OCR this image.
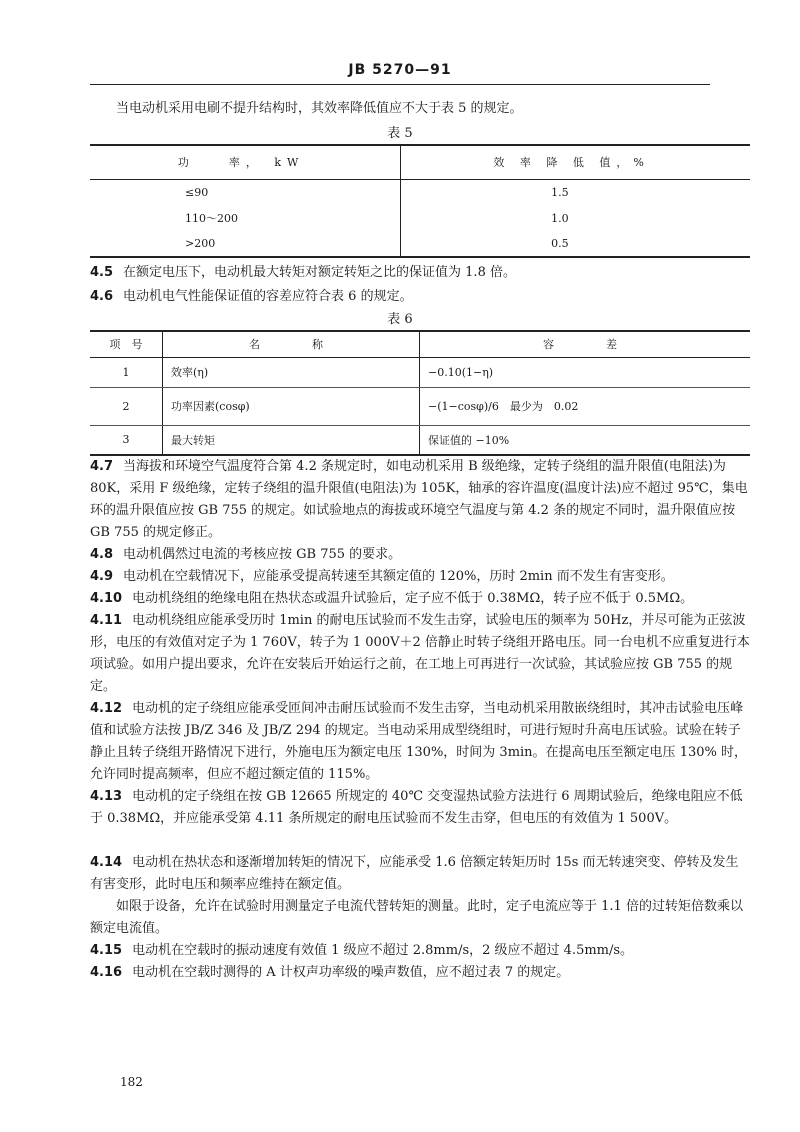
JB 5270—91
当电动机采用电刷不提升结构时，其效率降低值应不大于表 5 的规定。
表 5
功　　率，　kW	效 率 降 低 值，%
≤90	1.5
110～200	1.0
>200	0.5
4.5 在额定电压下，电动机最大转矩对额定转矩之比的保证值为 1.8 倍。
4.6 电动机电气性能保证值的容差应符合表 6 的规定。
表 6
项　号	名　　称	容　　差
1	效率(η)	−0.10(1−η)
2	功率因素(cosφ)	−(1−cosφ)/6　最少为　0.02
3	最大转矩	保证值的 −10%
4.7 当海拔和环境空气温度符合第 4.2 条规定时，如电动机采用 B 级绝缘，定转子绕组的温升限值(电阻法)为 80K，采用 F 级绝缘，定转子绕组的温升限值(电阻法)为 105K，轴承的容许温度(温度计法)应不超过 95℃，集电环的温升限值应按 GB 755 的规定。如试验地点的海拔或环境空气温度与第 4.2 条的规定不同时，温升限值应按 GB 755 的规定修正。
4.8 电动机偶然过电流的考核应按 GB 755 的要求。
4.9 电动机在空载情况下，应能承受提高转速至其额定值的 120%，历时 2min 而不发生有害变形。
4.10 电动机绕组的绝缘电阻在热状态或温升试验后，定子应不低于 0.38MΩ，转子应不低于 0.5MΩ。
4.11 电动机绕组应能承受历时 1min 的耐电压试验而不发生击穿，试验电压的频率为 50Hz，并尽可能为正弦波形，电压的有效值对定子为 1 760V，转子为 1 000V＋2 倍静止时转子绕组开路电压。同一台电机不应重复进行本项试验。如用户提出要求，允许在安装后开始运行之前，在工地上可再进行一次试验，其试验应按 GB 755 的规定。
4.12 电动机的定子绕组应能承受匝间冲击耐压试验而不发生击穿，当电动机采用散嵌绕组时，其冲击试验电压峰值和试验方法按 JB/Z 346 及 JB/Z 294 的规定。当电动采用成型绕组时，可进行短时升高电压试验。试验在转子静止且转子绕组开路情况下进行，外施电压为额定电压 130%，时间为 3min。在提高电压至额定电压 130% 时，允许同时提高频率，但应不超过额定值的 115%。
4.13 电动机的定子绕组在按 GB 12665 所规定的 40℃ 交变湿热试验方法进行 6 周期试验后，绝缘电阻应不低于 0.38MΩ，并应能承受第 4.11 条所规定的耐电压试验而不发生击穿，但电压的有效值为 1 500V。
4.14 电动机在热状态和逐渐增加转矩的情况下，应能承受 1.6 倍额定转矩历时 15s 而无转速突变、停转及发生有害变形，此时电压和频率应维持在额定值。
如限于设备，允许在试验时用测量定子电流代替转矩的测量。此时，定子电流应等于 1.1 倍的过转矩倍数乘以额定电流值。
4.15 电动机在空载时的振动速度有效值 1 级应不超过 2.8mm/s，2 级应不超过 4.5mm/s。
4.16 电动机在空载时测得的 A 计权声功率级的噪声数值，应不超过表 7 的规定。
182
